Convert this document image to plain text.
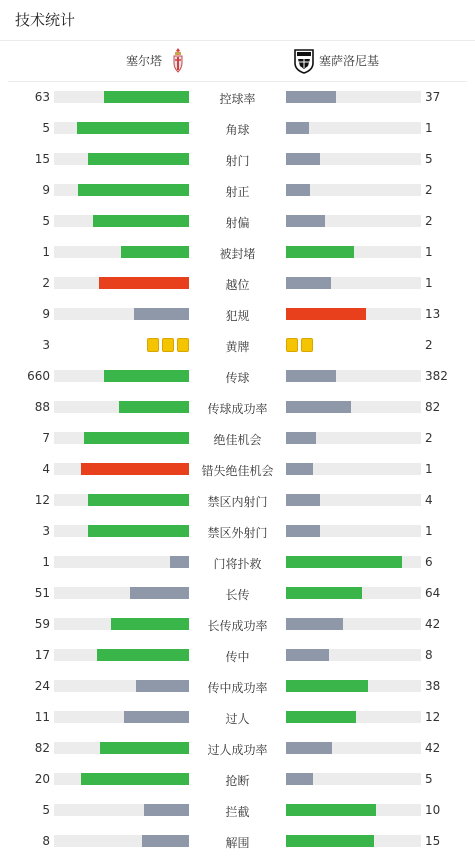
技术统计
塞尔塔	塞萨洛尼基
63	控球率	37
5	角球	1
15	射门	5
9	射正	2
5	射偏	2
1	被封堵	1
2	越位	1
9	犯规	13
3	黄牌	2
660	传球	382
88	传球成功率	82
7	绝佳机会	2
4	错失绝佳机会	1
12	禁区内射门	4
3	禁区外射门	1
1	门将扑救	6
51	长传	64
59	长传成功率	42
17	传中	8
24	传中成功率	38
11	过人	12
82	过人成功率	42
20	抢断	5
5	拦截	10
8	解围	15
